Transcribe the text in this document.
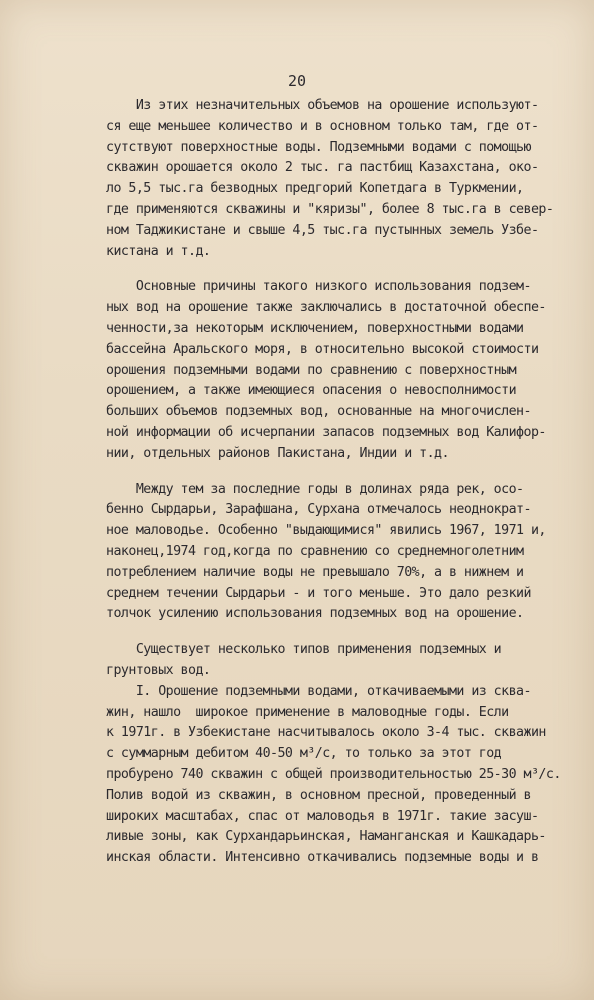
20
Из этих незначительных объемов на орошение используют-
ся еще меньшее количество и в основном только там, где от-
сутствуют поверхностные воды. Подземными водами с помощью
скважин орошается около 2 тыс. га пастбищ Казахстана, око-
ло 5,5 тыс.га безводных предгорий Копетдага в Туркмении,
где применяются скважины и "кяризы", более 8 тыс.га в север-
ном Таджикистане и свыше 4,5 тыс.га пустынных земель Узбе-
кистана и т.д.
Основные причины такого низкого использования подзем-
ных вод на орошение также заключались в достаточной обеспе-
ченности,за некоторым исключением, поверхностными водами
бассейна Аральского моря, в относительно высокой стоимости
орошения подземными водами по сравнению с поверхностным
орошением, а также имеющиеся опасения о невосполнимости
больших объемов подземных вод, основанные на многочислен-
ной информации об исчерпании запасов подземных вод Калифор-
нии, отдельных районов Пакистана, Индии и т.д.
Между тем за последние годы в долинах ряда рек, осо-
бенно Сырдарьи, Зарафшана, Сурхана отмечалось неоднократ-
ное маловодье. Особенно "выдающимися" явились 1967, 1971 и,
наконец,1974 год,когда по сравнению со среднемноголетним
потреблением наличие воды не превышало 70%, а в нижнем и
среднем течении Сырдарьи - и того меньше. Это дало резкий
толчок усилению использования подземных вод на орошение.
Существует несколько типов применения подземных и
грунтовых вод.
I. Орошение подземными водами, откачиваемыми из сква-
жин, нашло  широкое применение в маловодные годы. Если
к 1971г. в Узбекистане насчитывалось около 3-4 тыс. скважин
с суммарным дебитом 40-50 м³/с, то только за этот год
пробурено 740 скважин с общей производительностью 25-30 м³/с.
Полив водой из скважин, в основном пресной, проведенный в
широких масштабах, спас от маловодья в 1971г. такие засуш-
ливые зоны, как Сурхандарьинская, Наманганская и Кашкадарь-
инская области. Интенсивно откачивались подземные воды и в
